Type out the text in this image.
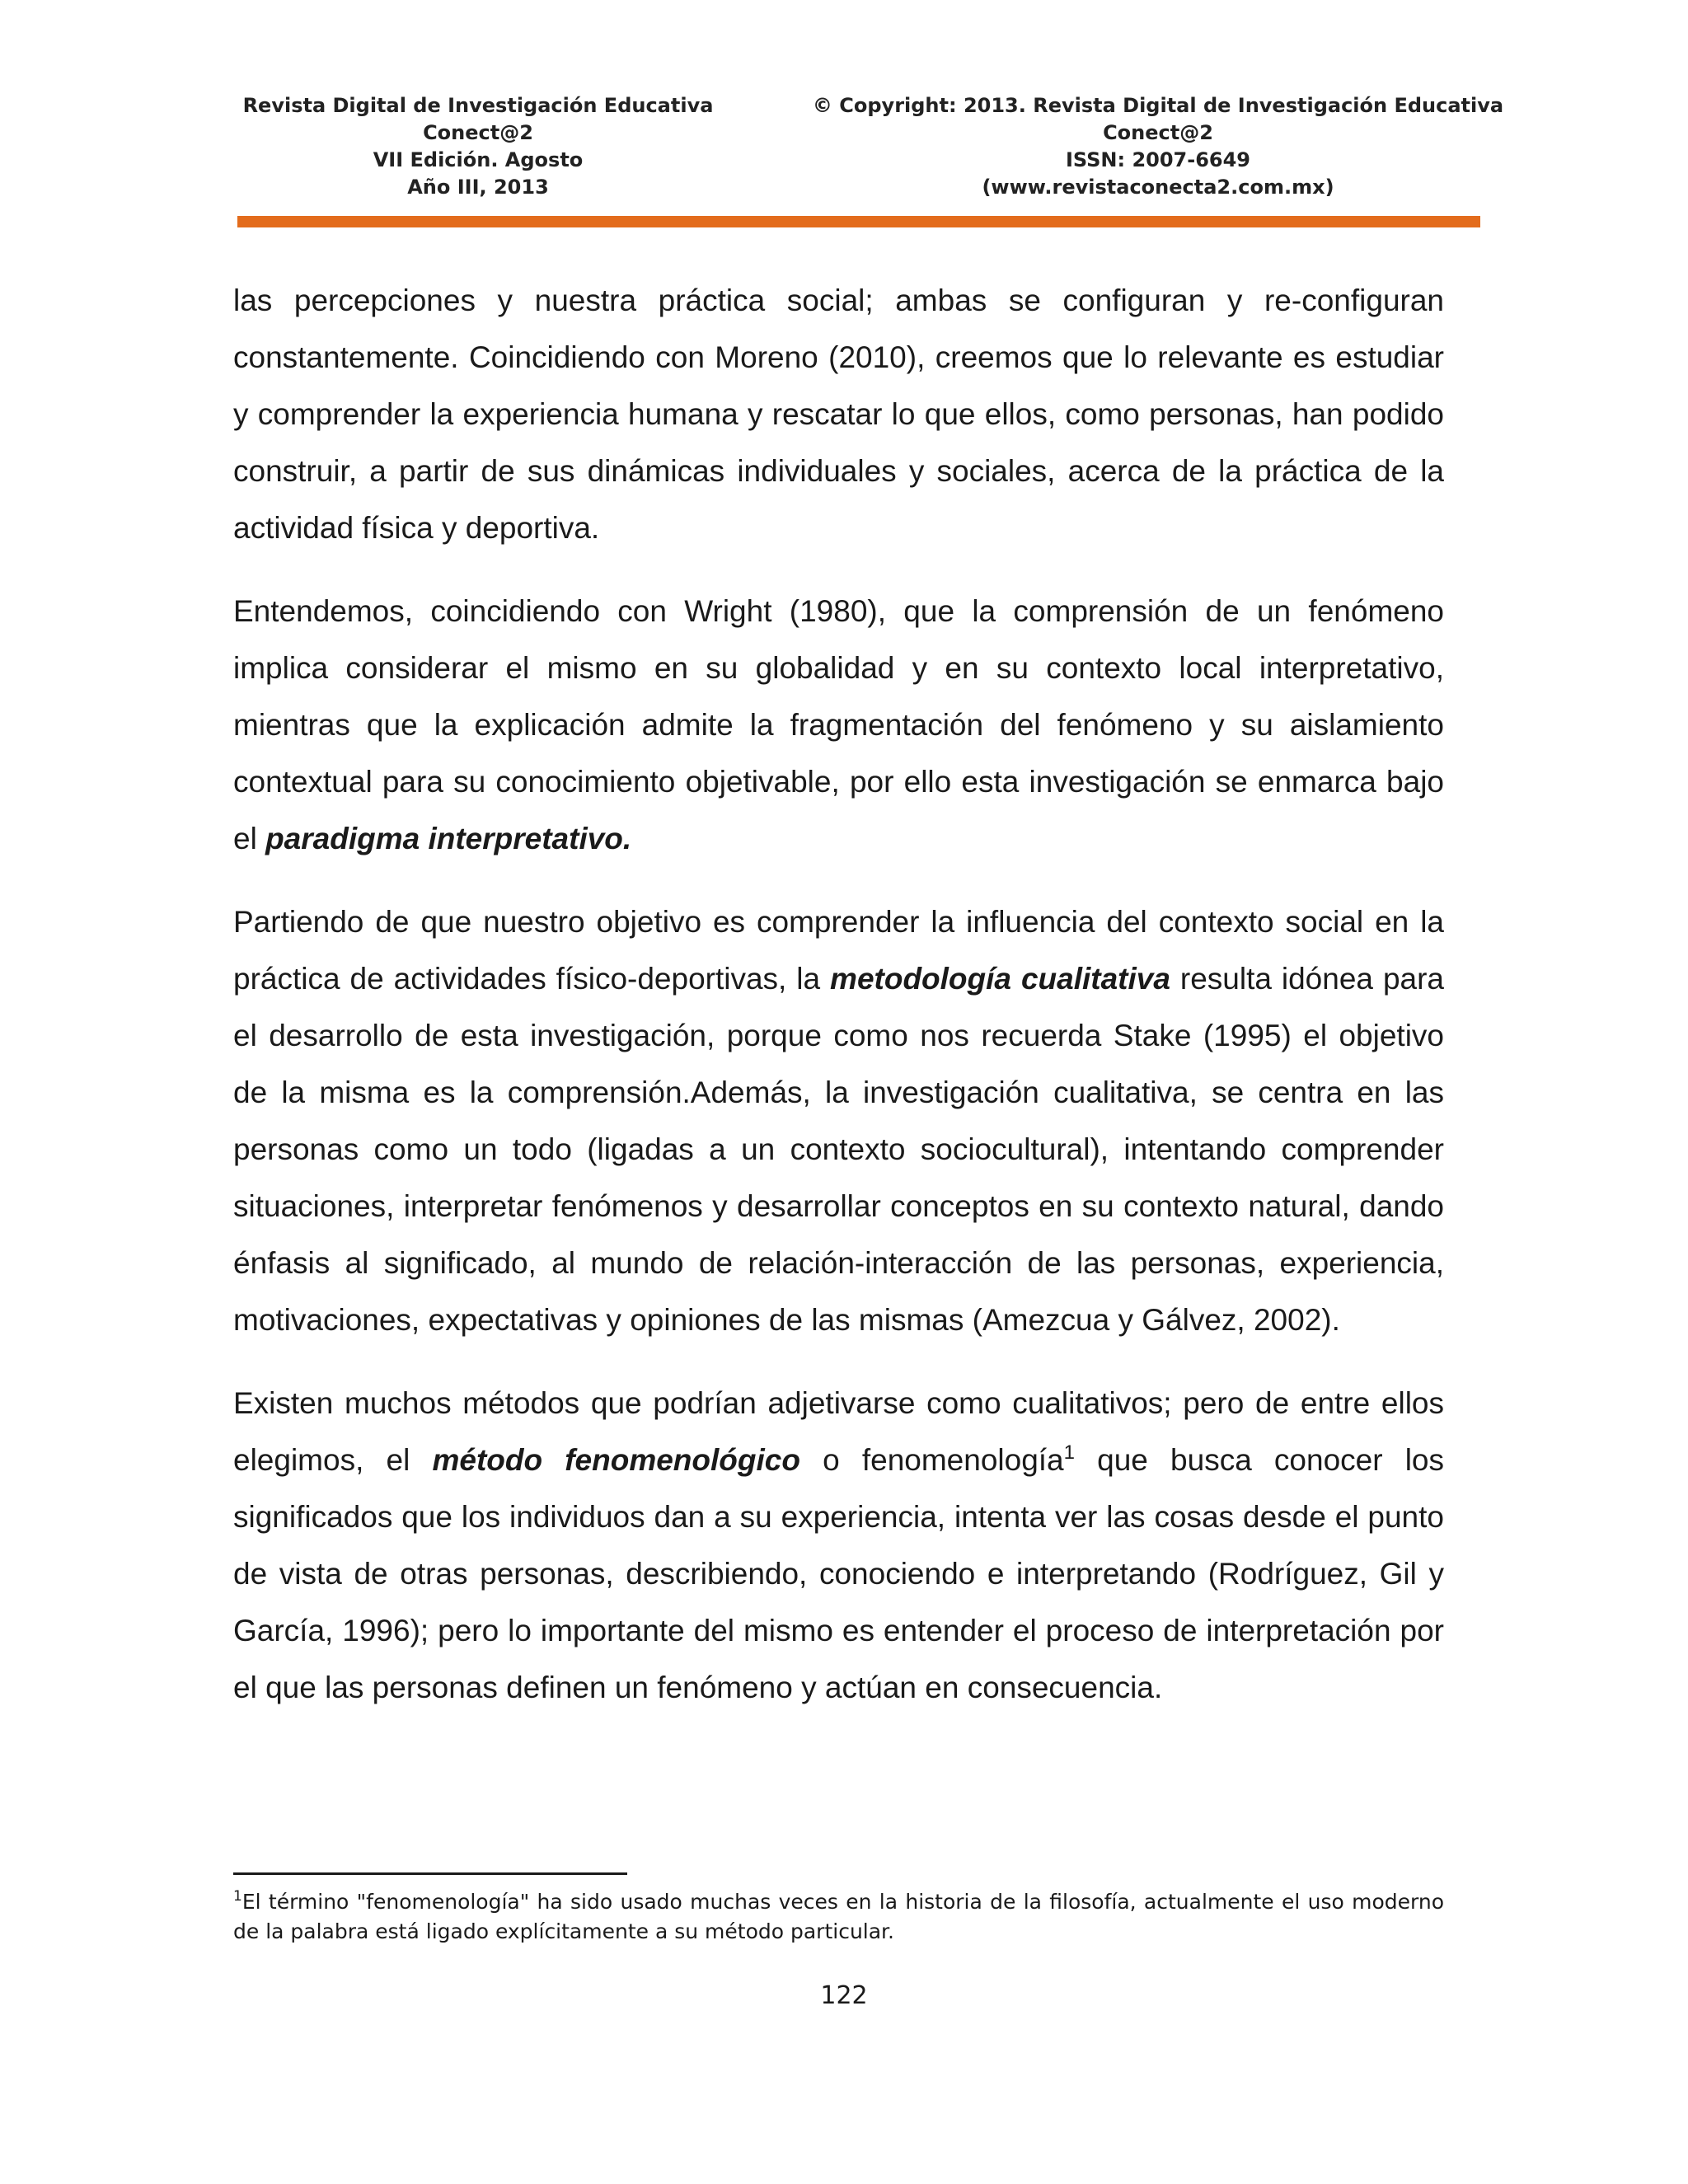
Revista Digital de Investigación Educativa
Conect@2
VII Edición. Agosto
Año III, 2013
© Copyright: 2013. Revista Digital de Investigación Educativa
Conect@2
ISSN: 2007-6649
(www.revistaconecta2.com.mx)

las percepciones y nuestra práctica social; ambas se configuran y re-configuran constantemente. Coincidiendo con Moreno (2010), creemos que lo relevante es estudiar y comprender la experiencia humana y rescatar lo que ellos, como personas, han podido construir, a partir de sus dinámicas individuales y sociales, acerca de la práctica de la actividad física y deportiva.

Entendemos, coincidiendo con Wright (1980), que la comprensión de un fenómeno implica considerar el mismo en su globalidad y en su contexto local interpretativo, mientras que la explicación admite la fragmentación del fenómeno y su aislamiento contextual para su conocimiento objetivable, por ello esta investigación se enmarca bajo el paradigma interpretativo.

Partiendo de que nuestro objetivo es comprender la influencia del contexto social en la práctica de actividades físico-deportivas, la metodología cualitativa resulta idónea para el desarrollo de esta investigación, porque como nos recuerda Stake (1995) el objetivo de la misma es la comprensión.Además, la investigación cualitativa, se centra en las personas como un todo (ligadas a un contexto sociocultural), intentando comprender situaciones, interpretar fenómenos y desarrollar conceptos en su contexto natural, dando énfasis al significado, al mundo de relación-interacción de las personas, experiencia, motivaciones, expectativas y opiniones de las mismas (Amezcua y Gálvez, 2002).

Existen muchos métodos que podrían adjetivarse como cualitativos; pero de entre ellos elegimos, el método fenomenológico o fenomenología$^1$ que busca conocer los significados que los individuos dan a su experiencia, intenta ver las cosas desde el punto de vista de otras personas, describiendo, conociendo e interpretando (Rodríguez, Gil y García, 1996); pero lo importante del mismo es entender el proceso de interpretación por el que las personas definen un fenómeno y actúan en consecuencia.

$^1$El término "fenomenología" ha sido usado muchas veces en la historia de la filosofía, actualmente el uso moderno de la palabra está ligado explícitamente a su método particular.
122
